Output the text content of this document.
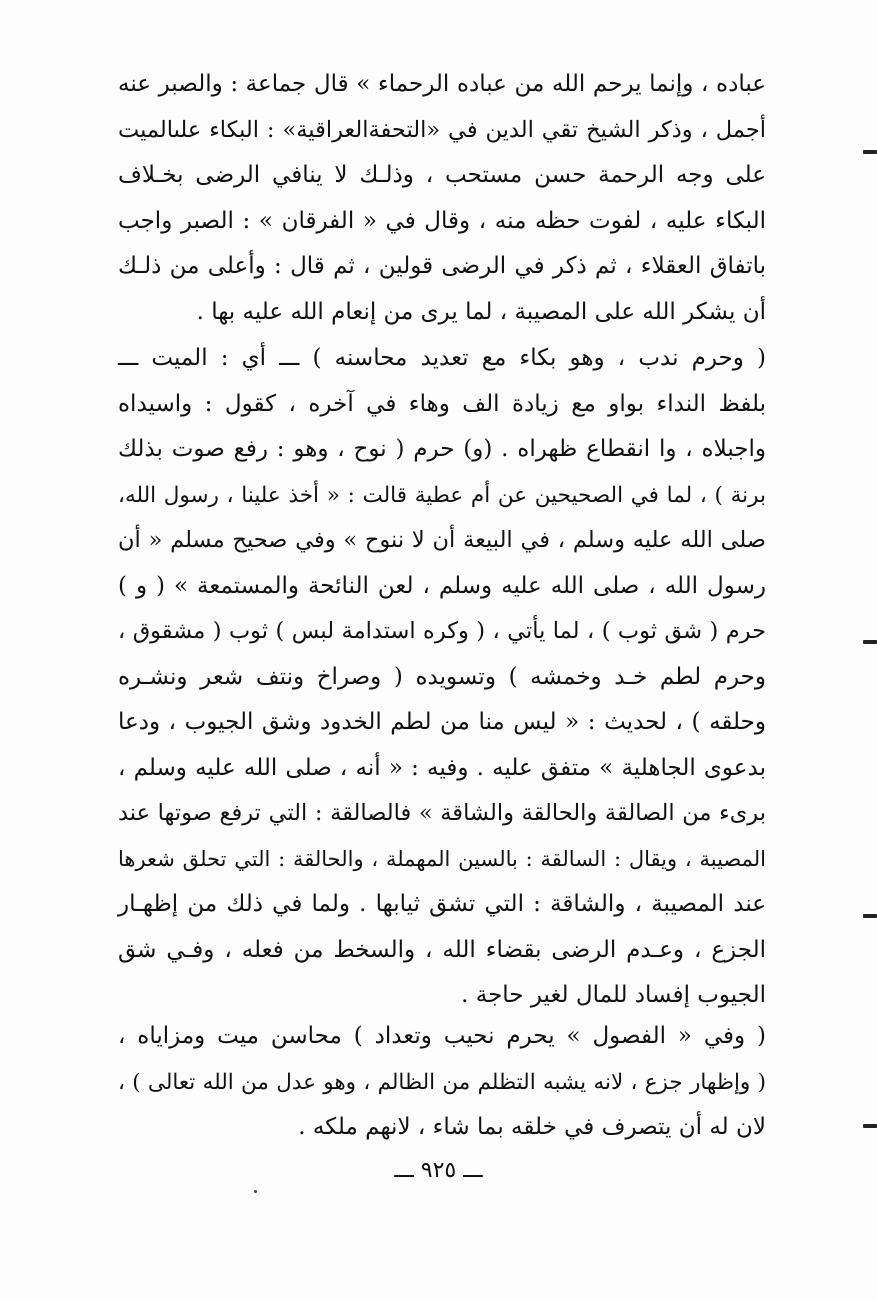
عباده ، وإنما يرحم الله من عباده الرحماء » قال جماعة : والصبر عنه
أجمل ، وذكر الشيخ تقي الدين في «التحفةالعراقية» : البكاء علىالميت
على وجه الرحمة حسن مستحب ، وذلـك لا ينافي الرضى بخـلاف
البكاء عليه ، لفوت حظه منه ، وقال في « الفرقان » : الصبر واجب
باتفاق العقلاء ، ثم ذكر في الرضى قولين ، ثم قال : وأعلى من ذلـك
أن يشكر الله على المصيبة ، لما يرى من إنعام الله عليه بها .
( وحرم ندب ، وهو بكاء مع تعديد محاسنه ) ـــ أي : الميت ـــ
بلفظ النداء بواو مع زيادة الف وهاء في آخره ، كقول : واسيداه
واجبلاه ، وا انقطاع ظهراه . (و) حرم ( نوح ، وهو : رفع صوت بذلك
برنة ) ، لما في الصحيحين عن أم عطية قالت : « أخذ علينا ، رسول الله،
صلى الله عليه وسلم ، في البيعة أن لا ننوح » وفي صحيح مسلم « أن
رسول الله ، صلى الله عليه وسلم ، لعن النائحة والمستمعة » ( و )
حرم ( شق ثوب ) ، لما يأتي ، ( وكره استدامة لبس ) ثوب ( مشقوق ،
وحرم لطم خـد وخمشه ) وتسويده ( وصراخ ونتف شعر ونشـره
وحلقه ) ، لحديث : « ليس منا من لطم الخدود وشق الجيوب ، ودعا
بدعوى الجاهلية » متفق عليه . وفيه : « أنه ، صلى الله عليه وسلم ،
برىء من الصالقة والحالقة والشاقة » فالصالقة : التي ترفع صوتها عند
المصيبة ، ويقال : السالقة : بالسين المهملة ، والحالقة : التي تحلق شعرها
عند المصيبة ، والشاقة : التي تشق ثيابها . ولما في ذلك من إظهـار
الجزع ، وعـدم الرضى بقضاء الله ، والسخط من فعله ، وفـي شق
الجيوب إفساد للمال لغير حاجة .
( وفي « الفصول » يحرم نحيب وتعداد ) محاسن ميت ومزاياه ،
( وإظهار جزع ، لانه يشبه التظلم من الظالم ، وهو عدل من الله تعالى ) ،
لان له أن يتصرف في خلقه بما شاء ، لانهم ملكه .
ـــ ٩٢٥ ـــ
